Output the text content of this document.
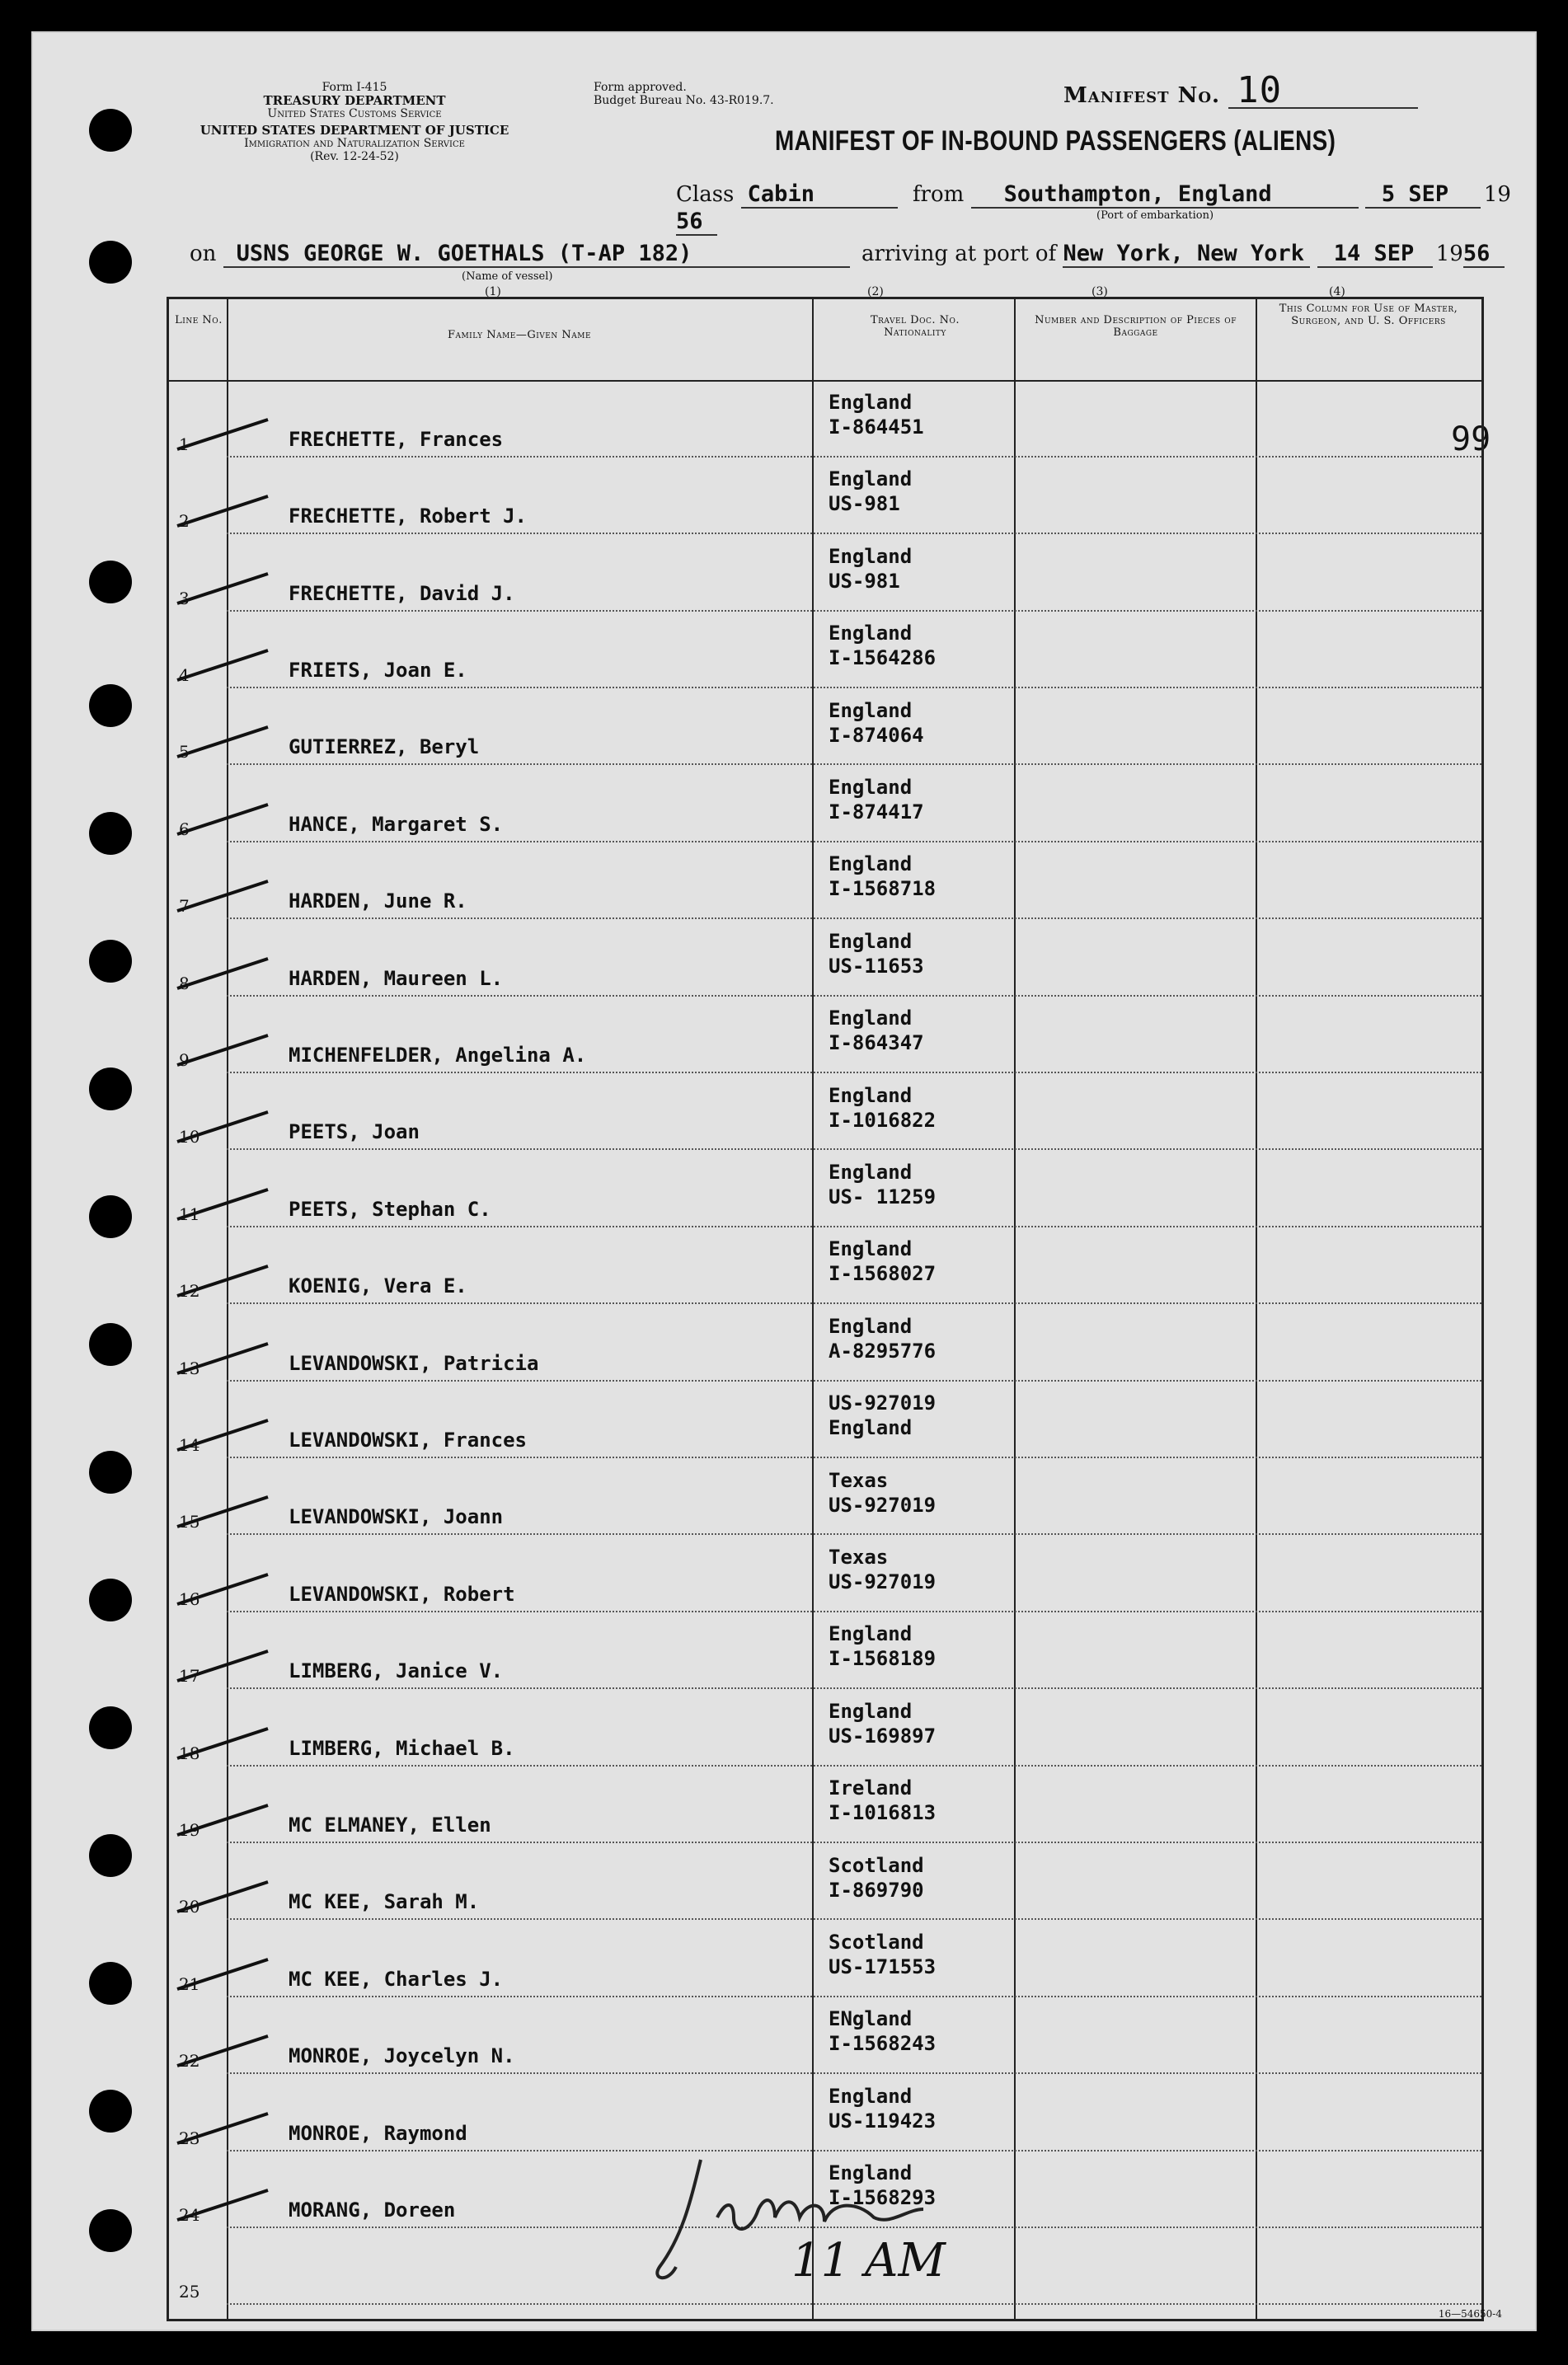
Form I-415
TREASURY DEPARTMENT
United States Customs Service
UNITED STATES DEPARTMENT OF JUSTICE
Immigration and Naturalization Service
(Rev. 12-24-52)
Form approved.
Budget Bureau No. 43-R019.7.	Manifest No. 10
MANIFEST OF IN-BOUND PASSENGERS (ALIENS)
Class Cabin	from Southampton, England	5 SEP 1956	(Port of embarkation)
on USNS GEORGE W. GOETHALS (T-AP 182)	arriving at port of New York, New York 14 SEP 1956
(Name of vessel)
(1)	(2)	(3)	(4)
99
Line No.
Family Name—Given Name
Travel Doc. No. Nationality
Number and Description of Pieces of Baggage
This Column for Use of Master, Surgeon, and U. S. Officers
1	FRECHETTE, Frances
England
I-864451
2	FRECHETTE, Robert J.
England
US-981
3	FRECHETTE, David J.
England
US-981
4	FRIETS, Joan E.
England
I-1564286
5	GUTIERREZ, Beryl
England
I-874064
6	HANCE, Margaret S.
England
I-874417
7	HARDEN, June R.
England
I-1568718
8	HARDEN, Maureen L.
England
US-11653
9	MICHENFELDER, Angelina A.
England
I-864347
10	PEETS, Joan
England
I-1016822
11	PEETS, Stephan C.
England
US- 11259
12	KOENIG, Vera E.
England
I-1568027
13	LEVANDOWSKI, Patricia
England
A-8295776
14	LEVANDOWSKI, Frances
US-927019
England
15	LEVANDOWSKI, Joann
Texas
US-927019
16	LEVANDOWSKI, Robert
Texas
US-927019
17	LIMBERG, Janice V.
England
I-1568189
18	LIMBERG, Michael B.
England
US-169897
19	MC ELMANEY, Ellen
Ireland
I-1016813
20	MC KEE, Sarah M.
Scotland
I-869790
21	MC KEE, Charles J.
Scotland
US-171553
22	MONROE, Joycelyn N.
ENgland
I-1568243
23	MONROE, Raymond
England
US-119423
24	MORANG, Doreen
England
I-1568293
25
11 AM
16—54650-4
